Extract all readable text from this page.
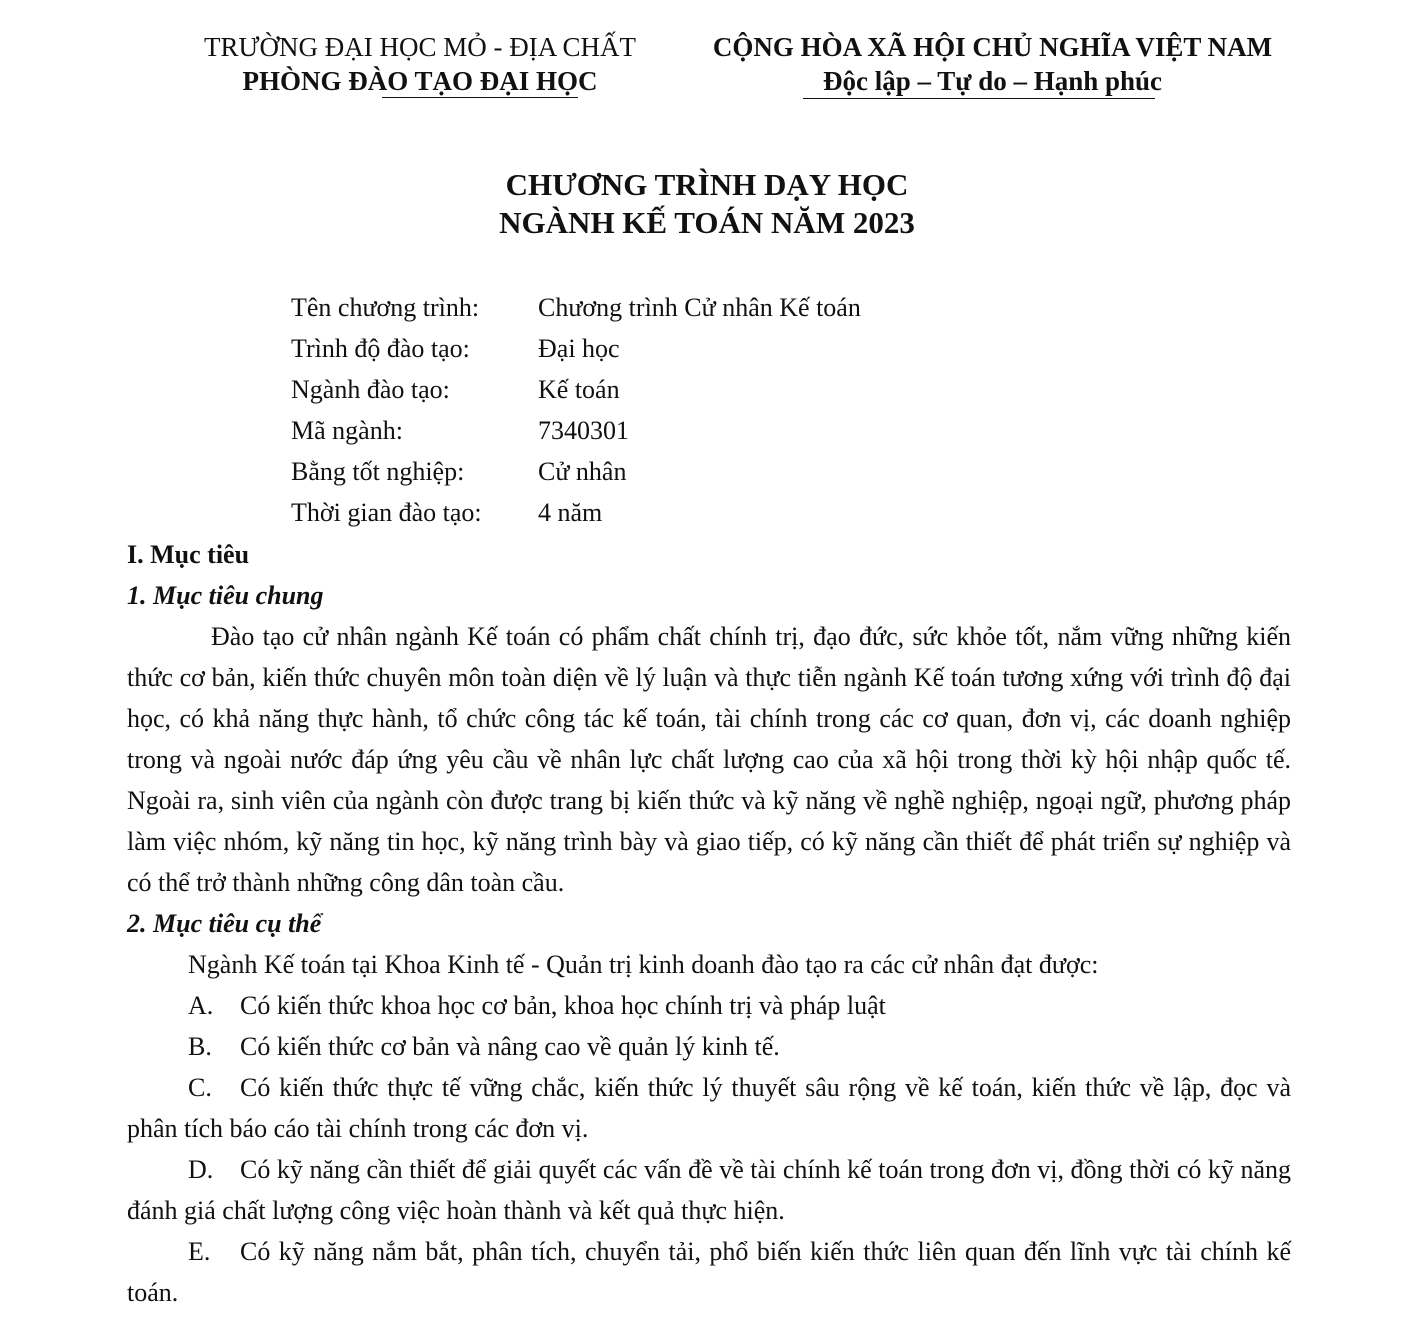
TRƯỜNG ĐẠI HỌC MỎ - ĐỊA CHẤT
PHÒNG ĐÀO TẠO ĐẠI HỌC
CỘNG HÒA XÃ HỘI CHỦ NGHĨA VIỆT NAM
Độc lập – Tự do – Hạnh phúc
CHƯƠNG TRÌNH DẠY HỌC
NGÀNH KẾ TOÁN NĂM 2023
Tên chương trình:	Chương trình Cử nhân Kế toán
Trình độ đào tạo:	Đại học
Ngành đào tạo:	Kế toán
Mã ngành:	7340301
Bằng tốt nghiệp:	Cử nhân
Thời gian đào tạo:	4 năm
I. Mục tiêu
1. Mục tiêu chung

Đào tạo cử nhân ngành Kế toán có phẩm chất chính trị, đạo đức, sức khỏe tốt, nắm vững những kiến thức cơ bản, kiến thức chuyên môn toàn diện về lý luận và thực tiễn ngành Kế toán tương xứng với trình độ đại học, có khả năng thực hành, tổ chức công tác kế toán, tài chính trong các cơ quan, đơn vị, các doanh nghiệp trong và ngoài nước đáp ứng yêu cầu về nhân lực chất lượng cao của xã hội trong thời kỳ hội nhập quốc tế. Ngoài ra, sinh viên của ngành còn được trang bị kiến thức và kỹ năng về nghề nghiệp, ngoại ngữ, phương pháp làm việc nhóm, kỹ năng tin học, kỹ năng trình bày và giao tiếp, có kỹ năng cần thiết để phát triển sự nghiệp và có thể trở thành những công dân toàn cầu.

2. Mục tiêu cụ thể
Ngành Kế toán tại Khoa Kinh tế - Quản trị kinh doanh đào tạo ra các cử nhân đạt được:

A. Có kiến thức khoa học cơ bản, khoa học chính trị và pháp luật

B. Có kiến thức cơ bản và nâng cao về quản lý kinh tế.

C. Có kiến thức thực tế vững chắc, kiến thức lý thuyết sâu rộng về kế toán, kiến thức về lập, đọc và phân tích báo cáo tài chính trong các đơn vị.

D. Có kỹ năng cần thiết để giải quyết các vấn đề về tài chính kế toán trong đơn vị, đồng thời có kỹ năng đánh giá chất lượng công việc hoàn thành và kết quả thực hiện.

E. Có kỹ năng nắm bắt, phân tích, chuyển tải, phổ biến kiến thức liên quan đến lĩnh vực tài chính kế toán.
